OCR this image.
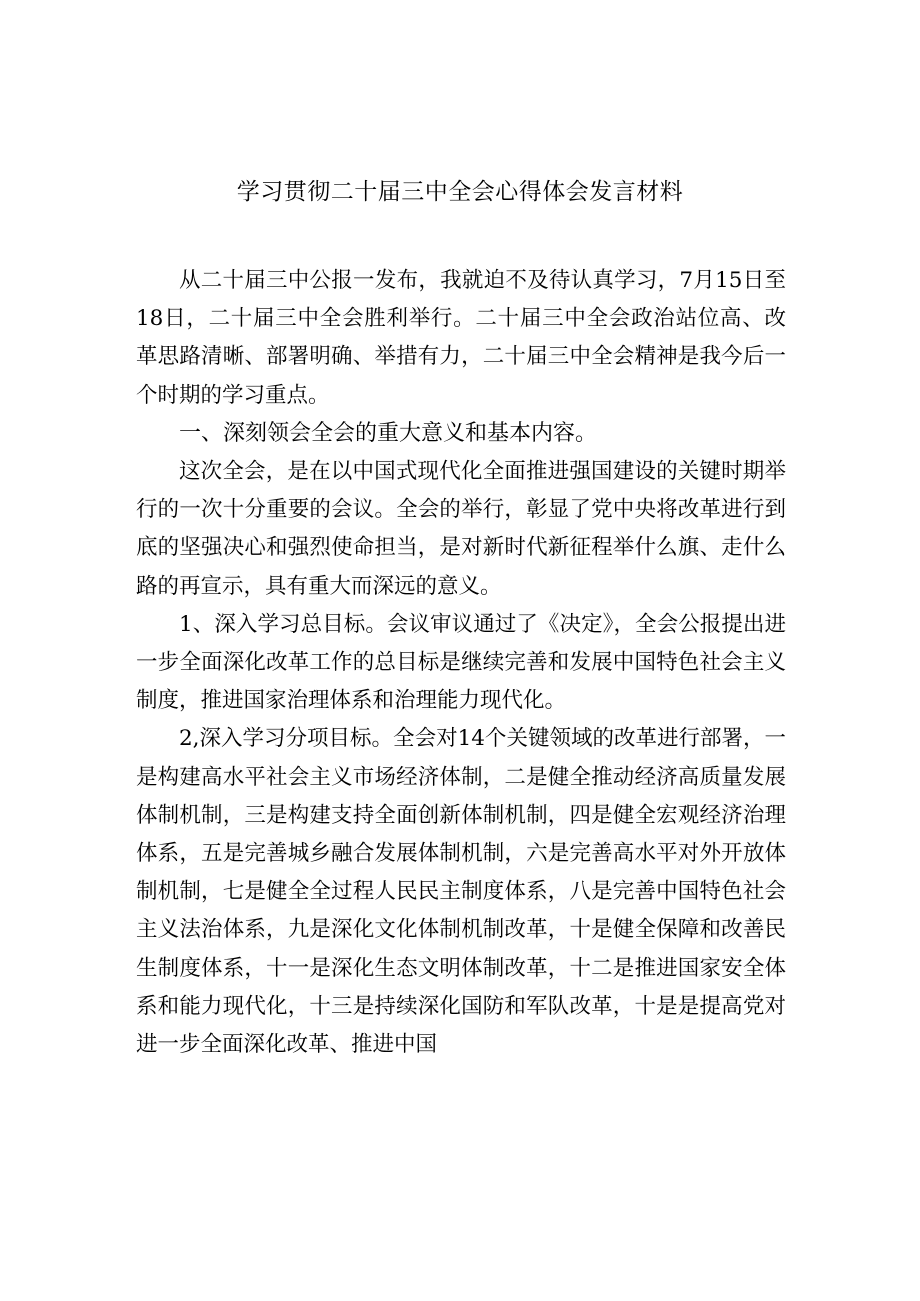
学习贯彻二十届三中全会心得体会发言材料

从二十届三中公报一发布，我就迫不及待认真学习，7月15日至18日，二十届三中全会胜利举行。二十届三中全会政治站位高、改革思路清晰、部署明确、举措有力，二十届三中全会精神是我今后一个时期的学习重点。

一、深刻领会全会的重大意义和基本内容。

这次全会，是在以中国式现代化全面推进强国建设的关键时期举行的一次十分重要的会议。全会的举行，彰显了党中央将改革进行到底的坚强决心和强烈使命担当，是对新时代新征程举什么旗、走什么路的再宣示，具有重大而深远的意义。

1、深入学习总目标。会议审议通过了《决定》，全会公报提出进一步全面深化改革工作的总目标是继续完善和发展中国特色社会主义制度，推进国家治理体系和治理能力现代化。

2,深入学习分项目标。全会对14个关键领域的改革进行部署，一是构建高水平社会主义市场经济体制，二是健全推动经济高质量发展体制机制，三是构建支持全面创新体制机制，四是健全宏观经济治理体系，五是完善城乡融合发展体制机制，六是完善高水平对外开放体制机制，七是健全全过程人民民主制度体系，八是完善中国特色社会主义法治体系，九是深化文化体制机制改革，十是健全保障和改善民生制度体系，十一是深化生态文明体制改革，十二是推进国家安全体系和能力现代化，十三是持续深化国防和军队改革，十是是提高党对进一步全面深化改革、推进中国
